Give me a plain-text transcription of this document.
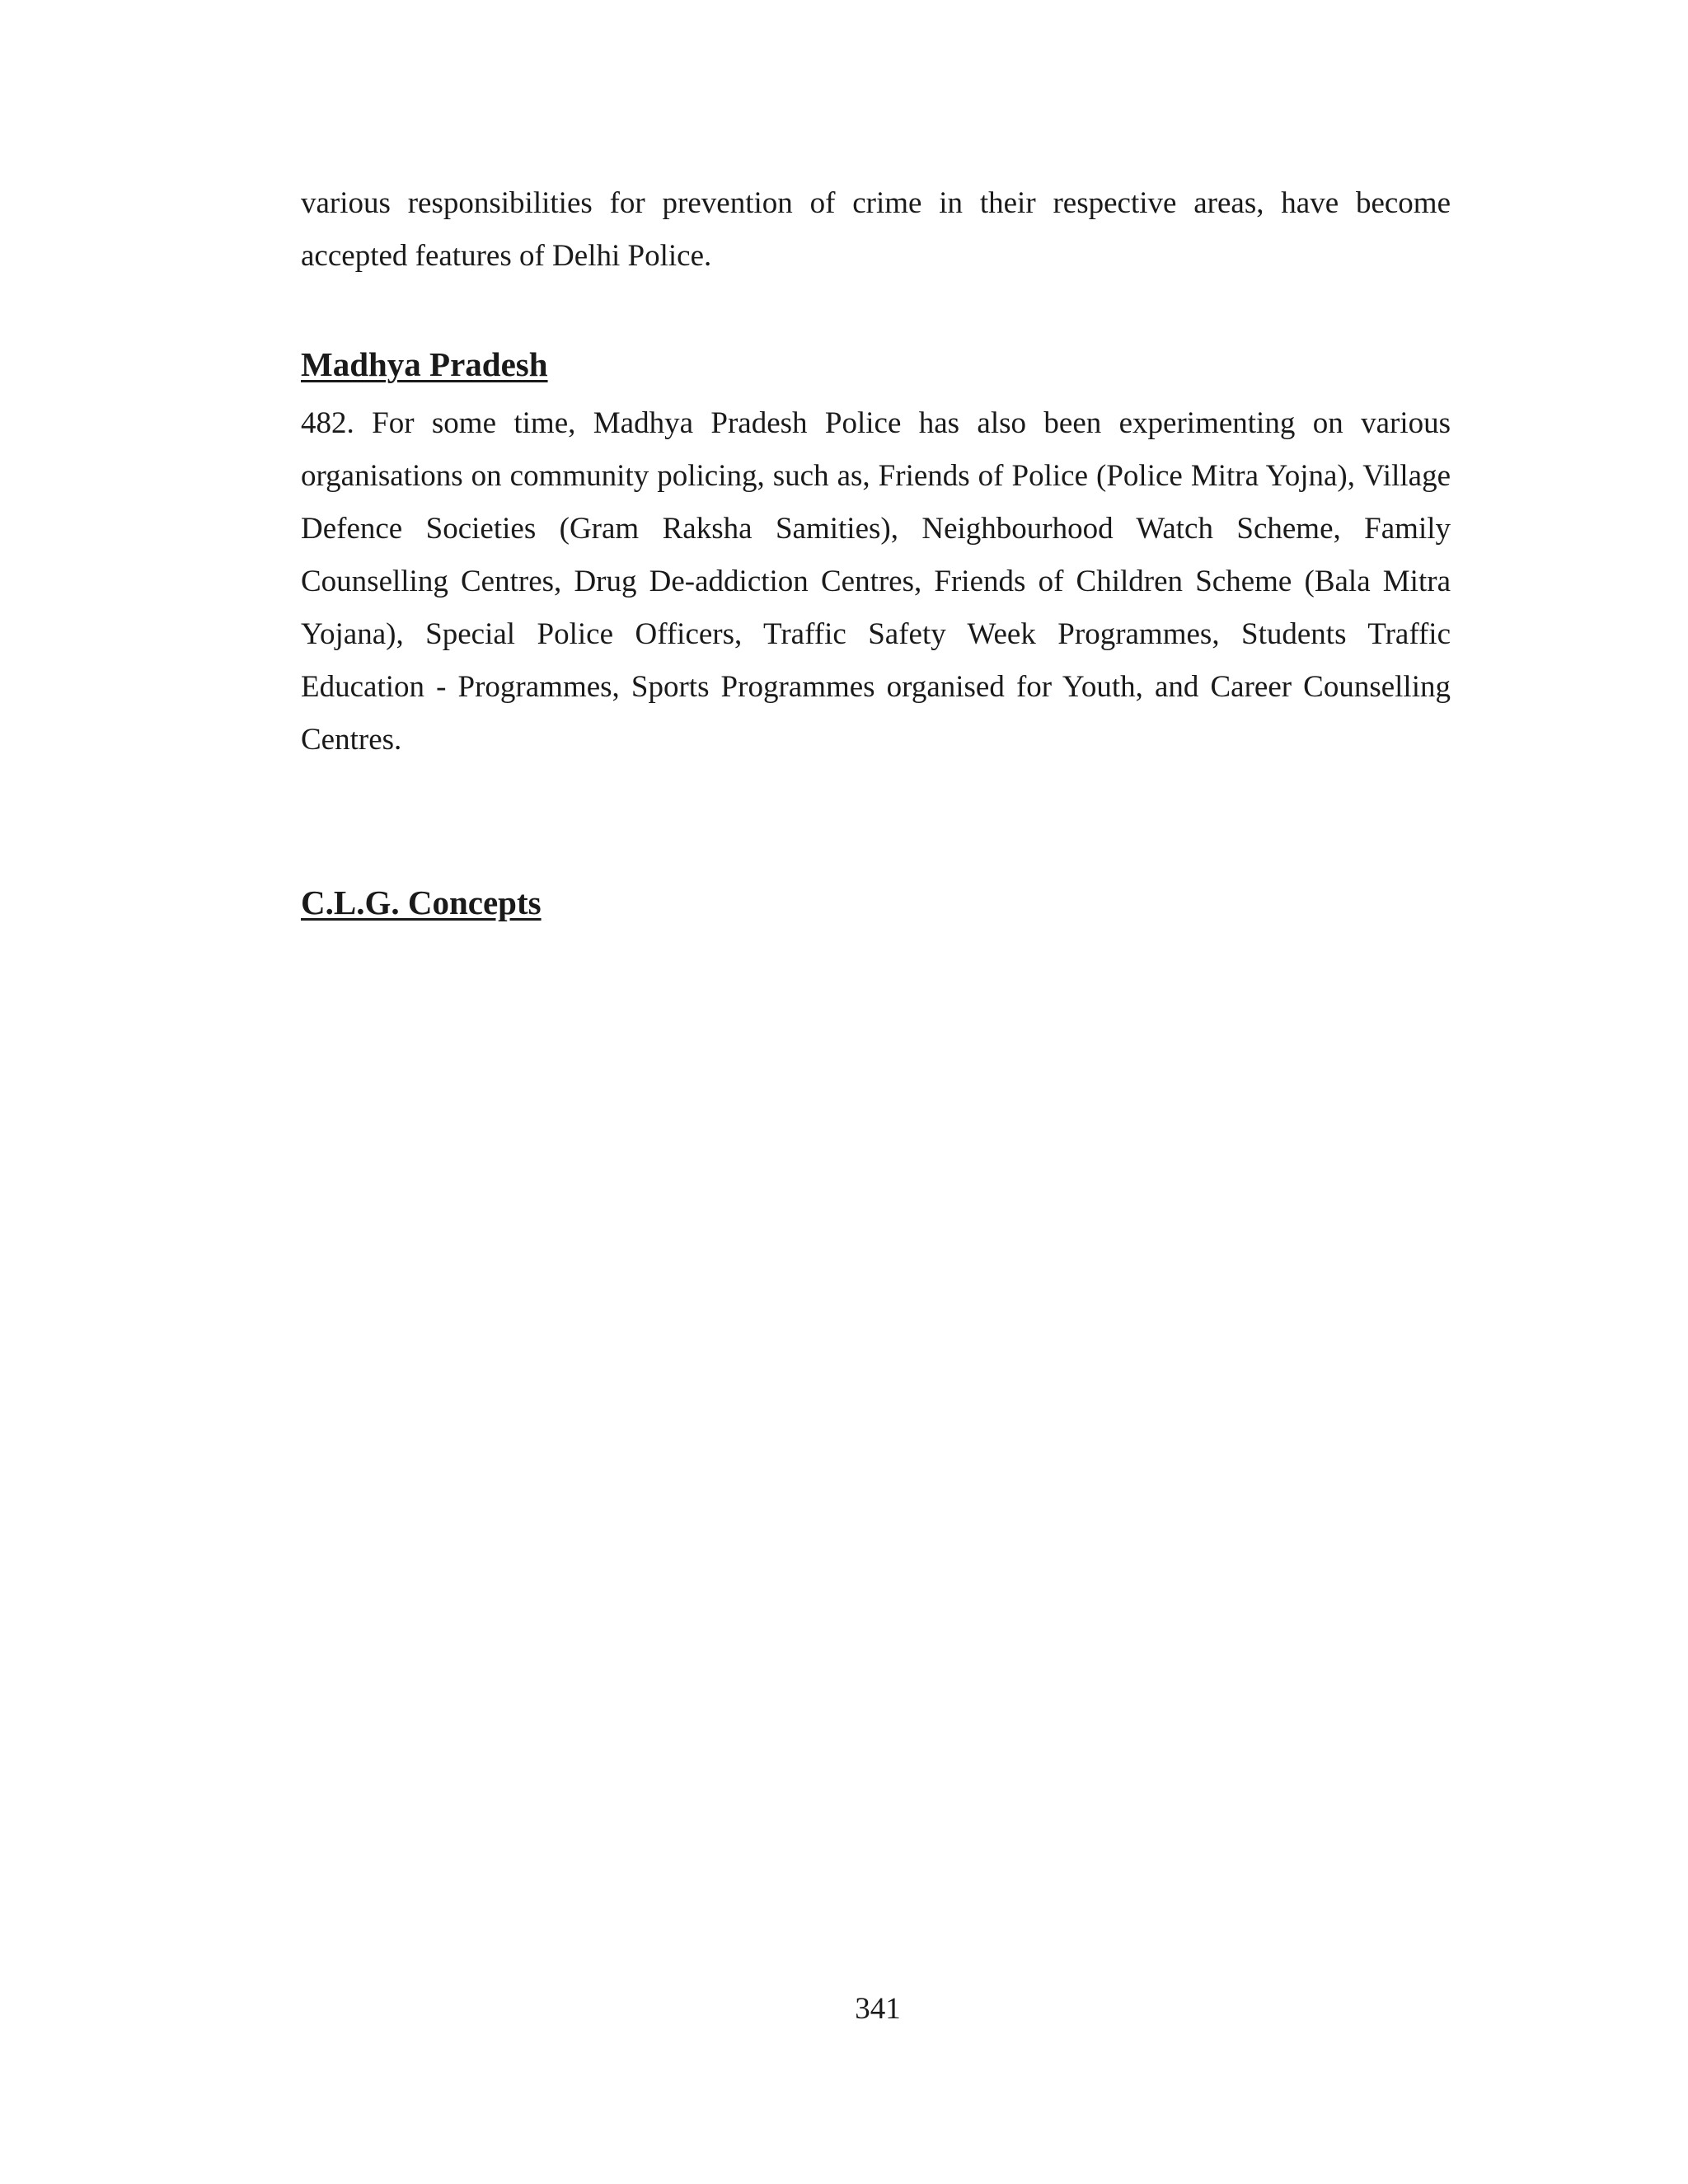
various responsibilities for prevention of crime in their respective areas, have become accepted features of Delhi Police.

Madhya Pradesh

482. For some time, Madhya Pradesh Police has also been experimenting on various organisations on community policing, such as, Friends of Police (Police Mitra Yojna), Village Defence Societies (Gram Raksha Samities), Neighbourhood Watch Scheme, Family Counselling Centres, Drug De-addiction Centres, Friends of Children Scheme (Bala Mitra Yojana), Special Police Officers, Traffic Safety Week Programmes, Students Traffic Education - Programmes, Sports Programmes organised for Youth, and Career Counselling Centres.

C.L.G. Concepts
341
